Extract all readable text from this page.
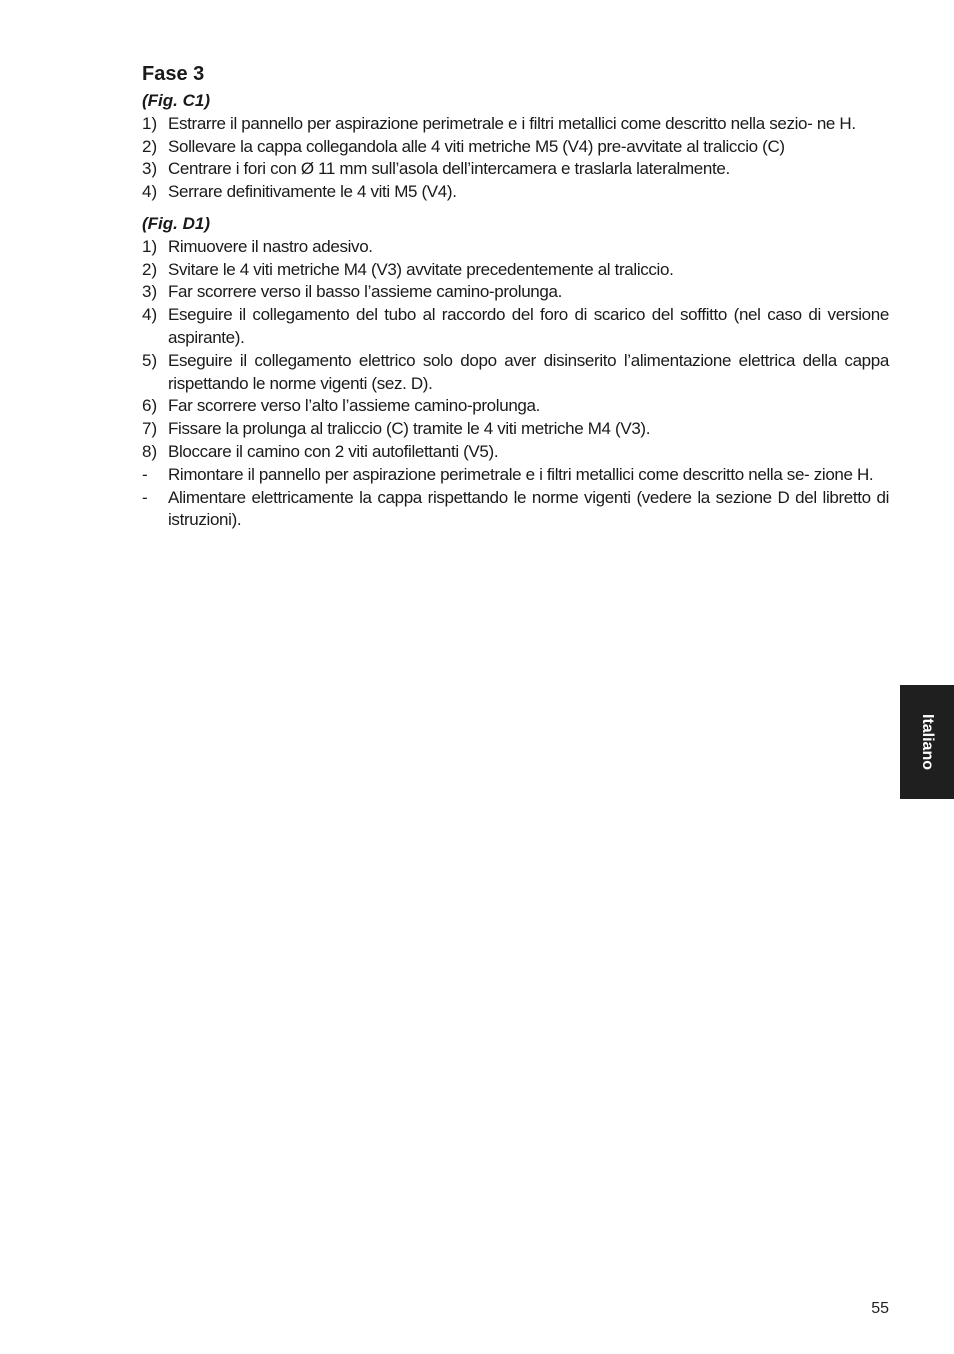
Fase 3

(Fig. C1)

1) Estrarre il pannello per aspirazione perimetrale e i filtri metallici come descritto nella sezio- ne H.
2) Sollevare la cappa collegandola alle 4 viti metriche M5 (V4) pre-avvitate al traliccio (C)
3) Centrare i fori con Ø 11 mm sull’asola dell’intercamera e traslarla lateralmente.
4) Serrare definitivamente le 4 viti M5 (V4).

(Fig. D1)

1) Rimuovere il nastro adesivo.
2) Svitare le 4 viti metriche M4 (V3) avvitate precedentemente al traliccio.
3) Far scorrere verso il basso l’assieme camino-prolunga.
4) Eseguire il collegamento del tubo al raccordo del foro di scarico del soffitto (nel caso di versione aspirante).
5) Eseguire il collegamento elettrico solo dopo aver disinserito l’alimentazione elettrica della cappa rispettando le norme vigenti (sez. D).
6) Far scorrere verso l’alto l’assieme camino-prolunga.
7) Fissare la prolunga al traliccio (C) tramite le 4 viti metriche M4 (V3).
8) Bloccare il camino con 2 viti autofilettanti (V5).
- Rimontare il pannello per aspirazione perimetrale e i filtri metallici come descritto nella se- zione H.
- Alimentare elettricamente la cappa rispettando le norme vigenti (vedere la sezione D del libretto di istruzioni).
Italiano
55
